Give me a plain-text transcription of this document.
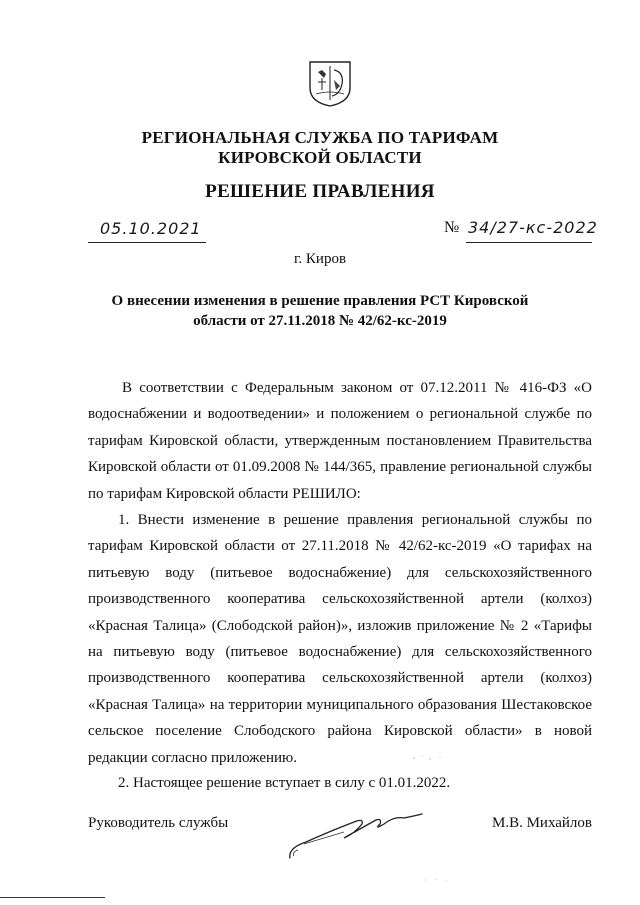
РЕГИОНАЛЬНАЯ СЛУЖБА ПО ТАРИФАМ
КИРОВСКОЙ ОБЛАСТИ
РЕШЕНИЕ ПРАВЛЕНИЯ
05.10.2021	№ 34/27-кс-2022
г. Киров
О внесении изменения в решение правления РСТ Кировской области от 27.11.2018 № 42/62-кс-2019
В соответствии с Федеральным законом от 07.12.2011 № 416-ФЗ «О водоснабжении и водоотведении» и положением о региональной службе по тарифам Кировской области, утвержденным постановлением Правительства Кировской области от 01.09.2008 № 144/365, правление региональной службы по тарифам Кировской области РЕШИЛО:
1. Внести изменение в решение правления региональной службы по тарифам Кировской области от 27.11.2018 № 42/62-кс-2019 «О тарифах на питьевую воду (питьевое водоснабжение) для сельскохозяйственного производственного кооператива сельскохозяйственной артели (колхоз) «Красная Талица» (Слободской район)», изложив приложение № 2 «Тарифы на питьевую воду (питьевое водоснабжение) для сельскохозяйственного производственного кооператива сельскохозяйственной артели (колхоз) «Красная Талица» на территории муниципального образования Шестаковское сельское поселение Слободского района Кировской области» в новой редакции согласно приложению.
2. Настоящее решение вступает в силу с 01.01.2022.
Руководитель службы	М.В. Михайлов
